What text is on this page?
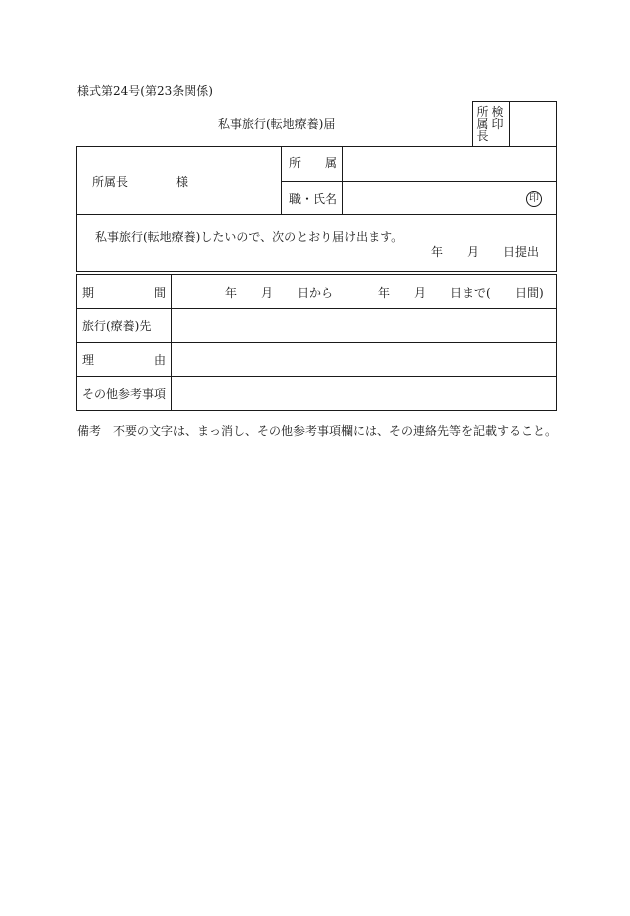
様式第24号(第23条関係)
私事旅行(転地療養)届
所属長
検印
所属長	様
所　　属
職・氏名	印
私事旅行(転地療養)したいので、次のとおり届け出ます。
年　　月　　日提出
期　　　　　間	年　　月　　日から	年　　月　　日まで( 日間)
旅行(療養)先
理　　　　　由
その他参考事項
備考　不要の文字は、まっ消し、その他参考事項欄には、その連絡先等を記載すること。
